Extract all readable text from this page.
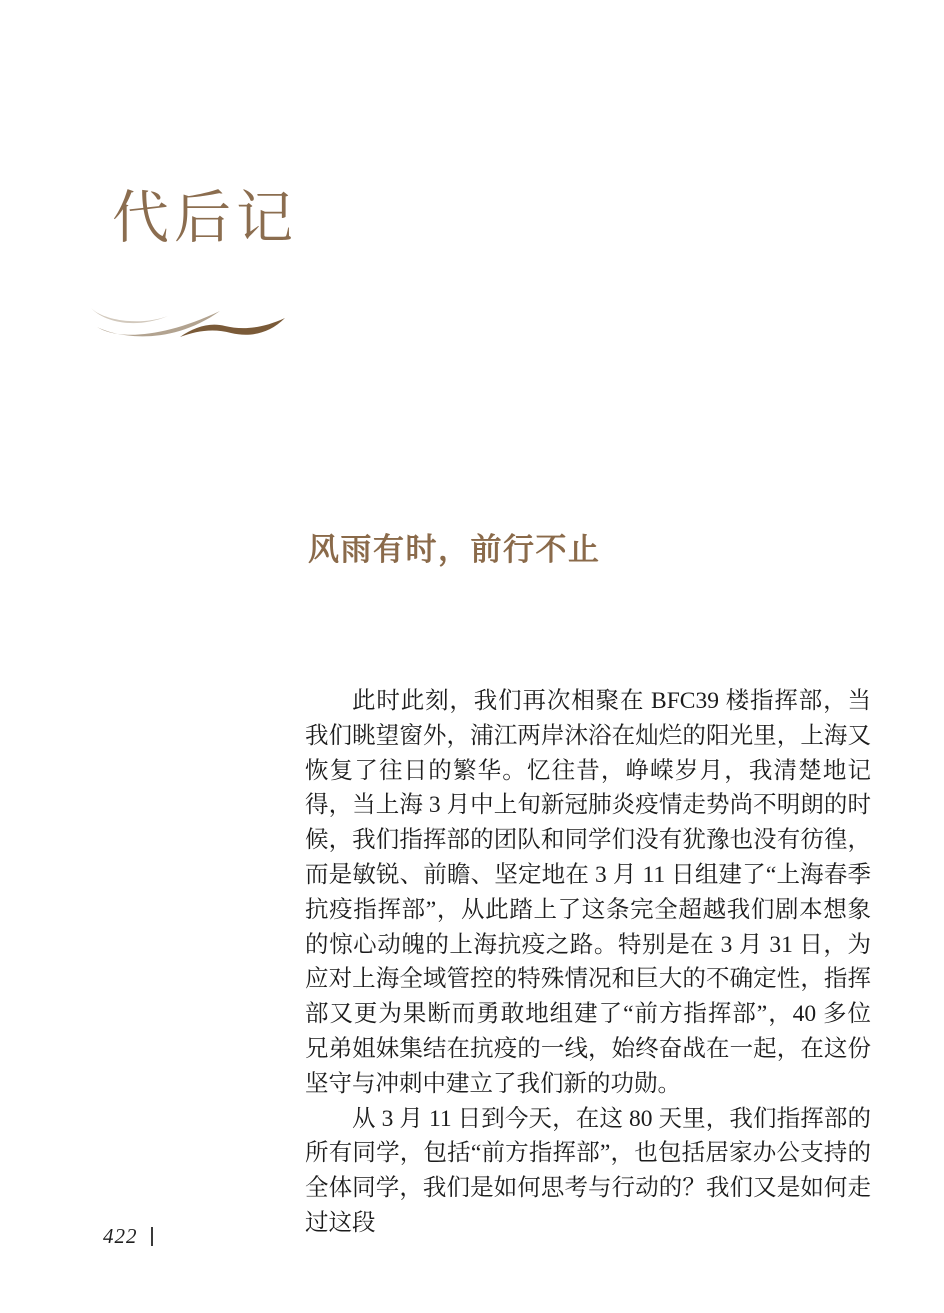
代后记
风雨有时，前行不止

此时此刻，我们再次相聚在 BFC39 楼指挥部，当我们眺望窗外，浦江两岸沐浴在灿烂的阳光里，上海又恢复了往日的繁华。忆往昔，峥嵘岁月，我清楚地记得，当上海 3 月中上旬新冠肺炎疫情走势尚不明朗的时候，我们指挥部的团队和同学们没有犹豫也没有彷徨，而是敏锐、前瞻、坚定地在 3 月 11 日组建了“上海春季抗疫指挥部”，从此踏上了这条完全超越我们剧本想象的惊心动魄的上海抗疫之路。特别是在 3 月 31 日，为应对上海全域管控的特殊情况和巨大的不确定性，指挥部又更为果断而勇敢地组建了“前方指挥部”，40 多位兄弟姐妹集结在抗疫的一线，始终奋战在一起，在这份坚守与冲刺中建立了我们新的功勋。

从 3 月 11 日到今天，在这 80 天里，我们指挥部的所有同学，包括“前方指挥部”，也包括居家办公支持的全体同学，我们是如何思考与行动的？我们又是如何走过这段

422
